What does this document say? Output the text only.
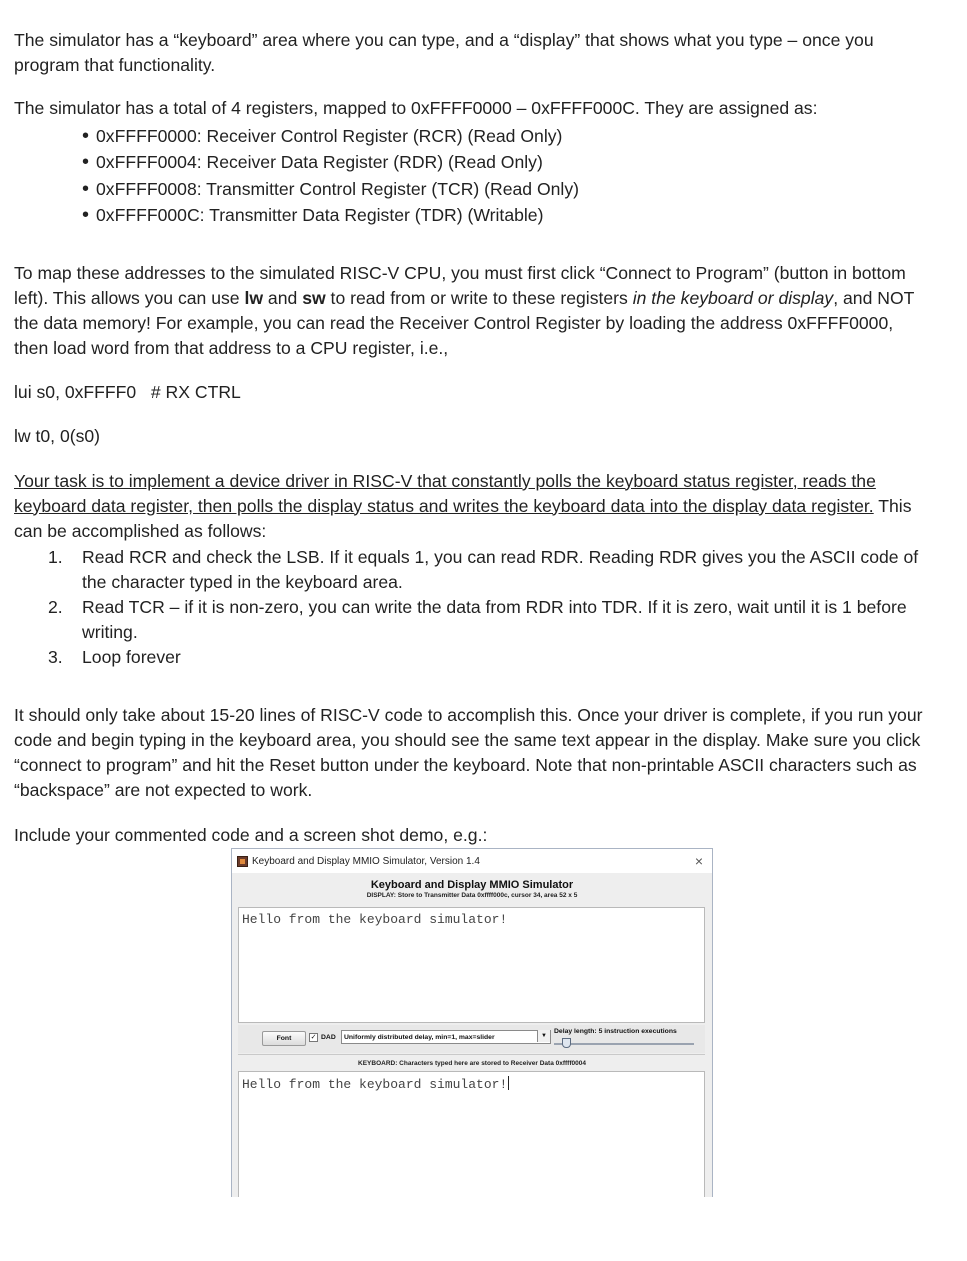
The simulator has a “keyboard” area where you can type, and a “display” that shows what you type – once you program that functionality.

The simulator has a total of 4 registers, mapped to 0xFFFF0000 – 0xFFFF000C. They are assigned as:

• 0xFFFF0000: Receiver Control Register (RCR) (Read Only)
• 0xFFFF0004: Receiver Data Register (RDR) (Read Only)
• 0xFFFF0008: Transmitter Control Register (TCR) (Read Only)
• 0xFFFF000C: Transmitter Data Register (TDR) (Writable)

To map these addresses to the simulated RISC-V CPU, you must first click “Connect to Program” (button in bottom left). This allows you can use lw and sw to read from or write to these registers in the keyboard or display, and NOT the data memory! For example, you can read the Receiver Control Register by loading the address 0xFFFF0000, then load word from that address to a CPU register, i.e.,

lui s0, 0xFFFF0   # RX CTRL

lw t0, 0(s0)

Your task is to implement a device driver in RISC-V that constantly polls the keyboard status register, reads the keyboard data register, then polls the display status and writes the keyboard data into the display data register. This can be accomplished as follows:

1. Read RCR and check the LSB. If it equals 1, you can read RDR. Reading RDR gives you the ASCII code of the character typed in the keyboard area.
2. Read TCR – if it is non-zero, you can write the data from RDR into TDR. If it is zero, wait until it is 1 before writing.
3. Loop forever

It should only take about 15-20 lines of RISC-V code to accomplish this. Once your driver is complete, if you run your code and begin typing in the keyboard area, you should see the same text appear in the display. Make sure you click “connect to program” and hit the Reset button under the keyboard. Note that non-printable ASCII characters such as “backspace” are not expected to work.

Include your commented code and a screen shot demo, e.g.:

Keyboard and Display MMIO Simulator, Version 1.4	×
Keyboard and Display MMIO Simulator
DISPLAY: Store to Transmitter Data 0xffff000c, cursor 34, area 52 x 5
Hello from the keyboard simulator!
Font	✓ DAD	Uniformly distributed delay, min=1, max=slider	▼
Delay length: 5 instruction executions
KEYBOARD: Characters typed here are stored to Receiver Data 0xffff0004
Hello from the keyboard simulator!
